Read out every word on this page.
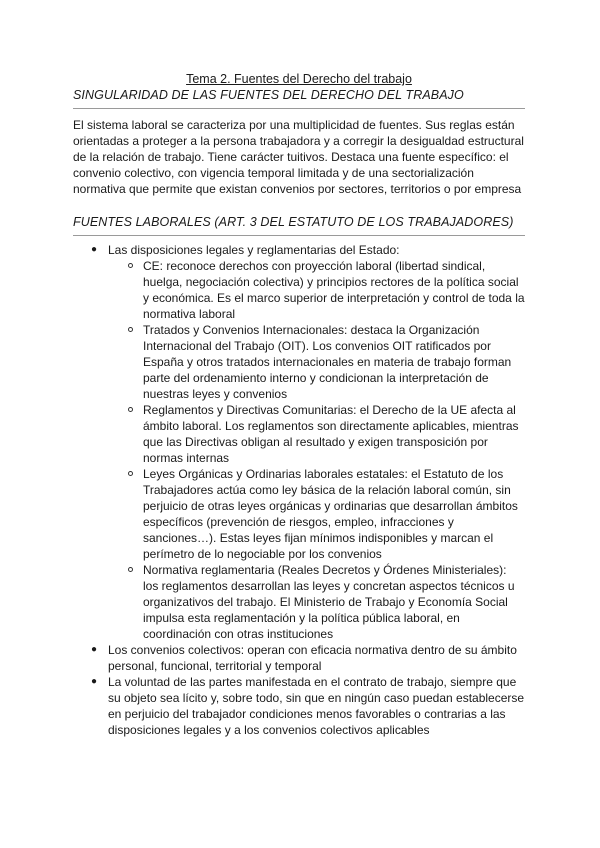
Tema 2. Fuentes del Derecho del trabajo

SINGULARIDAD DE LAS FUENTES DEL DERECHO DEL TRABAJO

El sistema laboral se caracteriza por una multiplicidad de fuentes. Sus reglas están orientadas a proteger a la persona trabajadora y a corregir la desigualdad estructural de la relación de trabajo. Tiene carácter tuitivos. Destaca una fuente específico: el convenio colectivo, con vigencia temporal limitada y de una sectorialización normativa que permite que existan convenios por sectores, territorios o por empresa

FUENTES LABORALES (ART. 3 DEL ESTATUTO DE LOS TRABAJADORES)

● Las disposiciones legales y reglamentarias del Estado:
CE: reconoce derechos con proyección laboral (libertad sindical, huelga, negociación colectiva) y principios rectores de la política social y económica. Es el marco superior de interpretación y control de toda la normativa laboral
Tratados y Convenios Internacionales: destaca la Organización Internacional del Trabajo (OIT). Los convenios OIT ratificados por España y otros tratados internacionales en materia de trabajo forman parte del ordenamiento interno y condicionan la interpretación de nuestras leyes y convenios
Reglamentos y Directivas Comunitarias: el Derecho de la UE afecta al ámbito laboral. Los reglamentos son directamente aplicables, mientras que las Directivas obligan al resultado y exigen transposición por normas internas
Leyes Orgánicas y Ordinarias laborales estatales: el Estatuto de los Trabajadores actúa como ley básica de la relación laboral común, sin perjuicio de otras leyes orgánicas y ordinarias que desarrollan ámbitos específicos (prevención de riesgos, empleo, infracciones y sanciones…). Estas leyes fijan mínimos indisponibles y marcan el perímetro de lo negociable por los convenios
Normativa reglamentaria (Reales Decretos y Órdenes Ministeriales): los reglamentos desarrollan las leyes y concretan aspectos técnicos u organizativos del trabajo. El Ministerio de Trabajo y Economía Social impulsa esta reglamentación y la política pública laboral, en coordinación con otras instituciones
● Los convenios colectivos: operan con eficacia normativa dentro de su ámbito personal, funcional, territorial y temporal
● La voluntad de las partes manifestada en el contrato de trabajo, siempre que su objeto sea lícito y, sobre todo, sin que en ningún caso puedan establecerse en perjuicio del trabajador condiciones menos favorables o contrarias a las disposiciones legales y a los convenios colectivos aplicables
